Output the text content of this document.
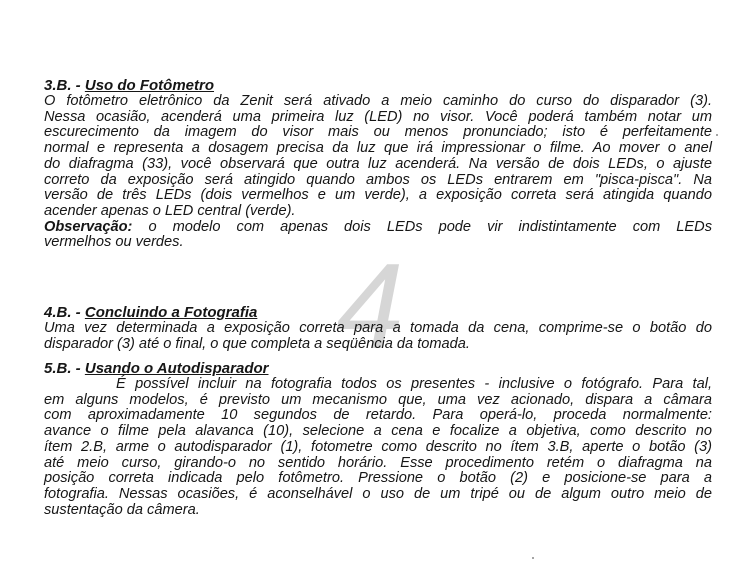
4

3.B. - Uso do Fotômetro

O fotômetro eletrônico da Zenit será ativado a meio caminho do curso do disparador (3).
Nessa ocasião, acenderá uma primeira luz (LED) no visor. Você poderá também notar um
escurecimento da imagem do visor mais ou menos pronunciado; isto é perfeitamente
normal e representa a dosagem precisa da luz que irá impressionar o filme. Ao mover o anel
do diafragma (33), você observará que outra luz acenderá. Na versão de dois LEDs, o ajuste
correto da exposição será atingido quando ambos os LEDs entrarem em "pisca-pisca". Na
versão de três LEDs (dois vermelhos e um verde), a exposição correta será atingida quando
acender apenas o LED central (verde).
Observação: o modelo com apenas dois LEDs pode vir indistintamente com LEDs
vermelhos ou verdes.

4.B. - Concluindo a Fotografia

Uma vez determinada a exposição correta para a tomada da cena, comprime-se o botão do
disparador (3) até o final, o que completa a seqüência da tomada.

5.B. - Usando o Autodisparador

É possível incluir na fotografia todos os presentes - inclusive o fotógrafo. Para tal,
em alguns modelos, é previsto um mecanismo que, uma vez acionado, dispara a câmara
com aproximadamente 10 segundos de retardo. Para operá-lo, proceda normalmente:
avance o filme pela alavanca (10), selecione a cena e focalize a objetiva, como descrito no
ítem 2.B, arme o autodisparador (1), fotometre como descrito no ítem 3.B, aperte o botão (3)
até meio curso, girando-o no sentido horário. Esse procedimento retém o diafragma na
posição correta indicada pelo fotômetro. Pressione o botão (2) e posicione-se para a
fotografia. Nessas ocasiões, é aconselhável o uso de um tripé ou de algum outro meio de
sustentação da câmera.
